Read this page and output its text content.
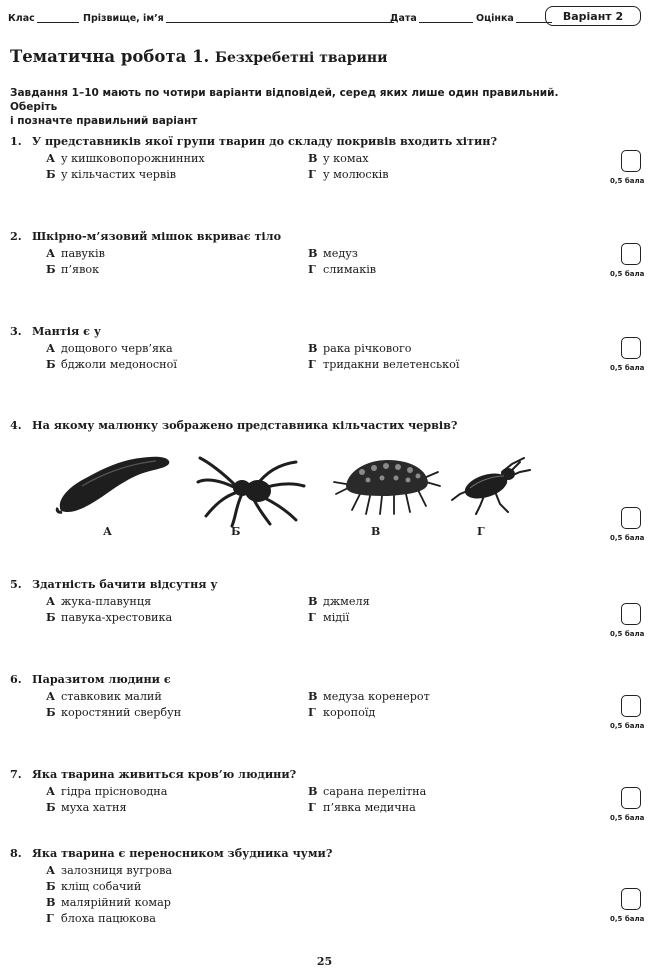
Клас	Прізвище, ім’я	Дата	Оцінка	Варіант 2
Тематична робота 1. Безхребетні тварини
Завдання 1–10 мають по чотири варіанти відповідей, серед яких лише один правильний. Оберіть
і позначте правильний варіант
1. У представників якої групи тварин до складу покривів входить хітин?
А у кишковопорожнинних	В у комах
Б у кільчастих червів	Г у молюсків	0,5 бала
2. Шкірно-м’язовий мішок вкриває тіло
А павуків	В медуз
Б п’явок	Г слимаків	0,5 бала
3. Мантія є у
А дощового черв’яка	В рака річкового
Б бджоли медоносної	Г тридакни велетенської	0,5 бала
4. На якому малюнку зображено представника кільчастих червів?
А	Б	В	Г	0,5 бала
5. Здатність бачити відсутня у
А жука-плавунця	В джмеля
Б павука-хрестовика	Г мідії
0,5 бала
6. Паразитом людини є
А ставковик малий	В медуза коренерот
Б коростяний свербун	Г коропоїд
0,5 бала
7. Яка тварина живиться кров’ю людини?
А гідра прісноводна	В сарана перелітна
Б муха хатня	Г п’явка медична
0,5 бала
8. Яка тварина є переносником збудника чуми?
А залозниця вугрова
Б кліщ собачий
В малярійний комар
Г блоха пацюкова	0,5 бала
25
